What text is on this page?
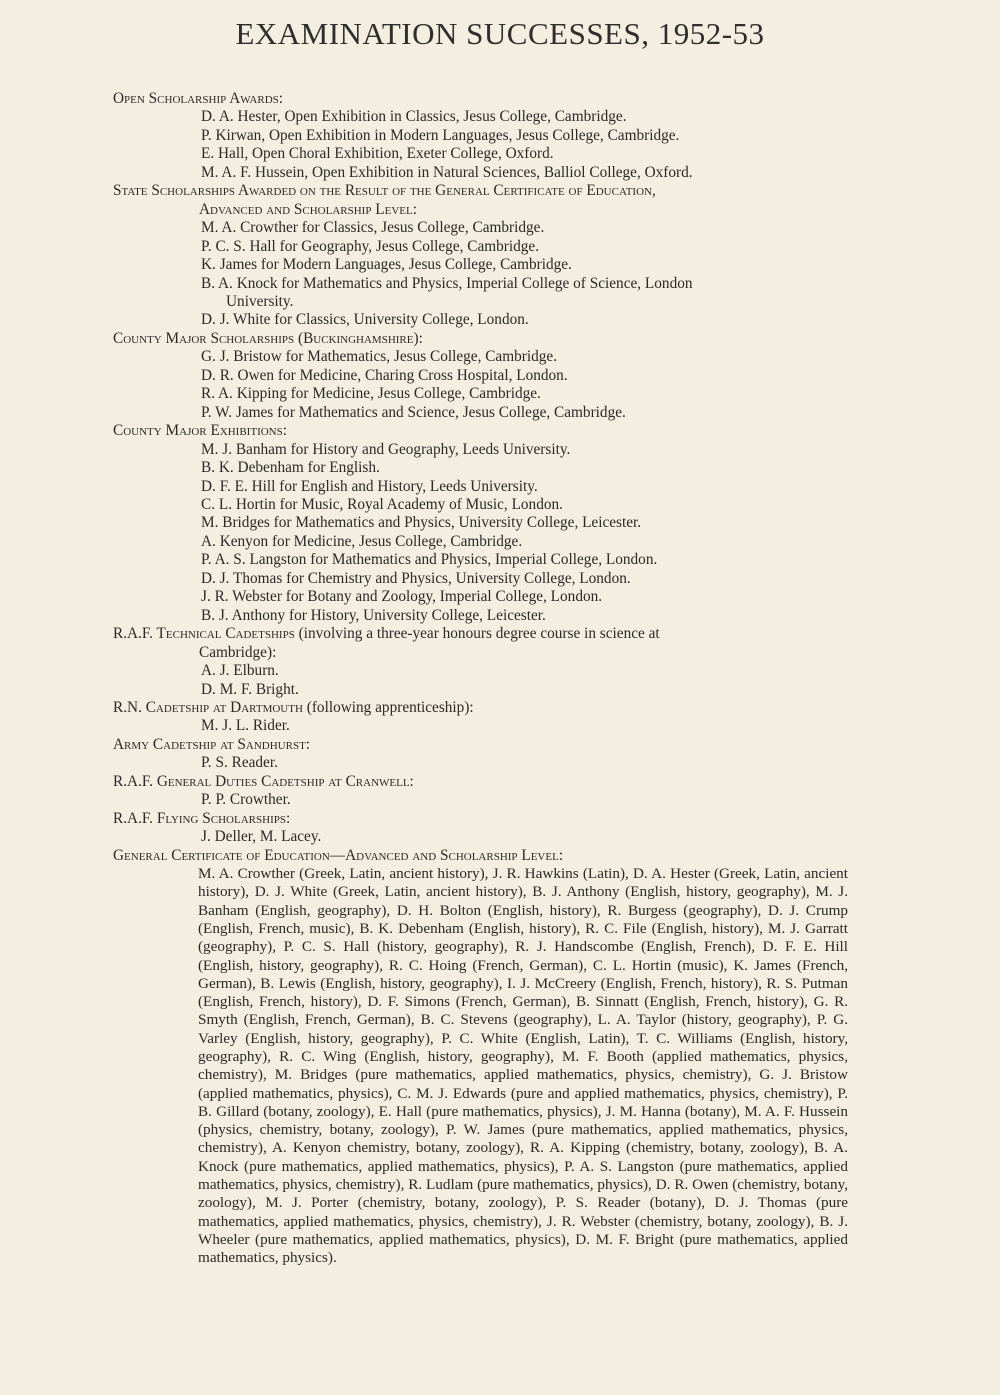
EXAMINATION SUCCESSES, 1952-53
Open Scholarship Awards:
D. A. Hester, Open Exhibition in Classics, Jesus College, Cambridge.
P. Kirwan, Open Exhibition in Modern Languages, Jesus College, Cambridge.
E. Hall, Open Choral Exhibition, Exeter College, Oxford.
M. A. F. Hussein, Open Exhibition in Natural Sciences, Balliol College, Oxford.
State Scholarships Awarded on the Result of the General Certificate of Education,
Advanced and Scholarship Level:
M. A. Crowther for Classics, Jesus College, Cambridge.
P. C. S. Hall for Geography, Jesus College, Cambridge.
K. James for Modern Languages, Jesus College, Cambridge.
B. A. Knock for Mathematics and Physics, Imperial College of Science, London
University.
D. J. White for Classics, University College, London.
County Major Scholarships (Buckinghamshire):
G. J. Bristow for Mathematics, Jesus College, Cambridge.
D. R. Owen for Medicine, Charing Cross Hospital, London.
R. A. Kipping for Medicine, Jesus College, Cambridge.
P. W. James for Mathematics and Science, Jesus College, Cambridge.
County Major Exhibitions:
M. J. Banham for History and Geography, Leeds University.
B. K. Debenham for English.
D. F. E. Hill for English and History, Leeds University.
C. L. Hortin for Music, Royal Academy of Music, London.
M. Bridges for Mathematics and Physics, University College, Leicester.
A. Kenyon for Medicine, Jesus College, Cambridge.
P. A. S. Langston for Mathematics and Physics, Imperial College, London.
D. J. Thomas for Chemistry and Physics, University College, London.
J. R. Webster for Botany and Zoology, Imperial College, London.
B. J. Anthony for History, University College, Leicester.
R.A.F. Technical Cadetships (involving a three-year honours degree course in science at
Cambridge):
A. J. Elburn.
D. M. F. Bright.
R.N. Cadetship at Dartmouth (following apprenticeship):
M. J. L. Rider.
Army Cadetship at Sandhurst:
P. S. Reader.
R.A.F. General Duties Cadetship at Cranwell:
P. P. Crowther.
R.A.F. Flying Scholarships:
J. Deller, M. Lacey.
General Certificate of Education—Advanced and Scholarship Level:
M. A. Crowther (Greek, Latin, ancient history), J. R. Hawkins (Latin), D. A. Hester (Greek, Latin, ancient history), D. J. White (Greek, Latin, ancient history), B. J. Anthony (English, history, geography), M. J. Banham (English, geography), D. H. Bolton (English, history), R. Burgess (geography), D. J. Crump (English, French, music), B. K. Debenham (English, history), R. C. File (English, history), M. J. Garratt (geography), P. C. S. Hall (history, geography), R. J. Handscombe (English, French), D. F. E. Hill (English, history, geography), R. C. Hoing (French, German), C. L. Hortin (music), K. James (French, German), B. Lewis (English, history, geography), I. J. McCreery (English, French, history), R. S. Putman (English, French, history), D. F. Simons (French, German), B. Sinnatt (English, French, history), G. R. Smyth (English, French, German), B. C. Stevens (geography), L. A. Taylor (history, geography), P. G. Varley (English, history, geography), P. C. White (English, Latin), T. C. Williams (English, history, geography), R. C. Wing (English, history, geography), M. F. Booth (applied mathematics, physics, chemistry), M. Bridges (pure mathematics, applied mathematics, physics, chemistry), G. J. Bristow (applied mathematics, physics), C. M. J. Edwards (pure and applied mathematics, physics, chemistry), P. B. Gillard (botany, zoology), E. Hall (pure mathematics, physics), J. M. Hanna (botany), M. A. F. Hussein (physics, chemistry, botany, zoology), P. W. James (pure mathematics, applied mathematics, physics, chemistry), A. Kenyon chemistry, botany, zoology), R. A. Kipping (chemistry, botany, zoology), B. A. Knock (pure mathematics, applied mathematics, physics), P. A. S. Langston (pure mathematics, applied mathematics, physics, chemistry), R. Ludlam (pure mathematics, physics), D. R. Owen (chemistry, botany, zoology), M. J. Porter (chemistry, botany, zoology), P. S. Reader (botany), D. J. Thomas (pure mathematics, applied mathematics, physics, chemistry), J. R. Webster (chemistry, botany, zoology), B. J. Wheeler (pure mathematics, applied mathematics, physics), D. M. F. Bright (pure mathematics, applied mathematics, physics).
